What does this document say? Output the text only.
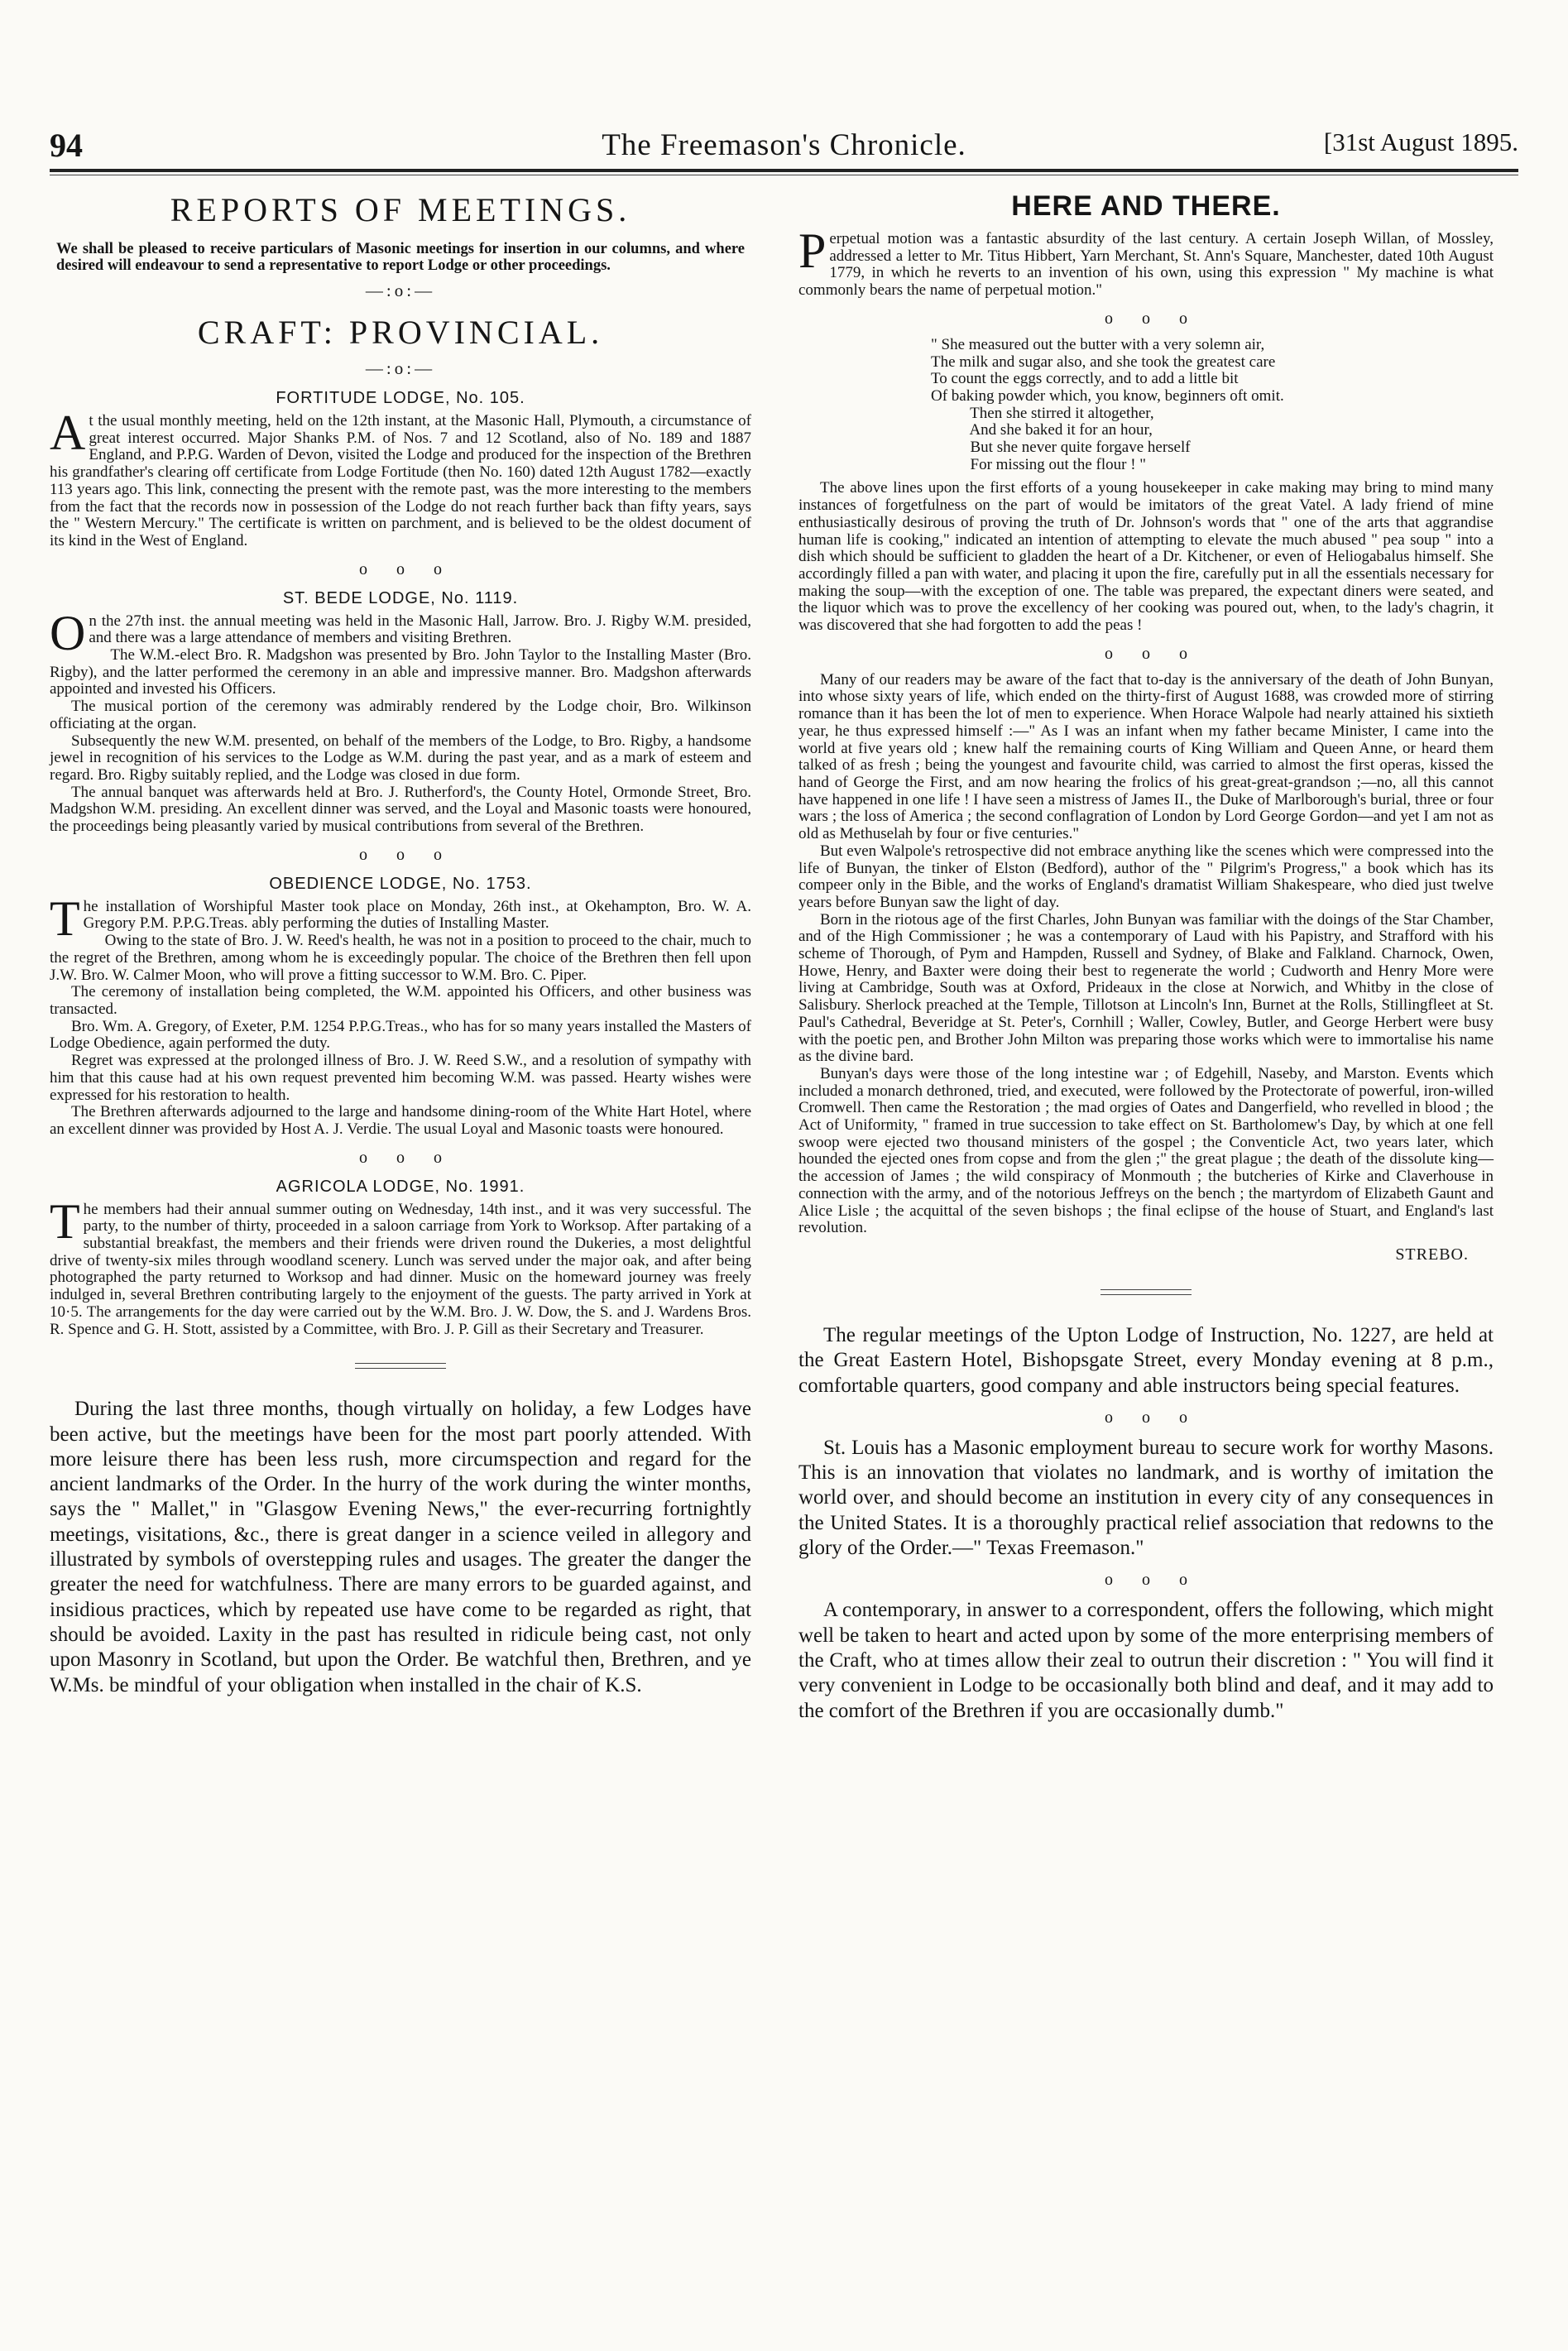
94	The Freemason's Chronicle.	[31st August 1895.
REPORTS OF MEETINGS.

We shall be pleased to receive particulars of Masonic meetings for insertion in our columns, and where desired will endeavour to send a representative to report Lodge or other proceedings.

—:o:—
CRAFT: PROVINCIAL.
—:o:—
FORTITUDE LODGE, No. 105.

At the usual monthly meeting, held on the 12th instant, at the Masonic Hall, Plymouth, a circumstance of great interest occurred. Major Shanks P.M. of Nos. 7 and 12 Scotland, also of No. 189 and 1887 England, and P.P.G. Warden of Devon, visited the Lodge and produced for the inspection of the Brethren his grandfather's clearing off certificate from Lodge Fortitude (then No. 160) dated 12th August 1782—exactly 113 years ago. This link, connecting the present with the remote past, was the more interesting to the members from the fact that the records now in possession of the Lodge do not reach further back than fifty years, says the " Western Mercury." The certificate is written on parchment, and is believed to be the oldest document of its kind in the West of England.

o o o
ST. BEDE LODGE, No. 1119.

On the 27th inst. the annual meeting was held in the Masonic Hall, Jarrow. Bro. J. Rigby W.M. presided, and there was a large attendance of members and visiting Brethren.

The W.M.-elect Bro. R. Madgshon was presented by Bro. John Taylor to the Installing Master (Bro. Rigby), and the latter performed the ceremony in an able and impressive manner. Bro. Madgshon afterwards appointed and invested his Officers.

The musical portion of the ceremony was admirably rendered by the Lodge choir, Bro. Wilkinson officiating at the organ.

Subsequently the new W.M. presented, on behalf of the members of the Lodge, to Bro. Rigby, a handsome jewel in recognition of his services to the Lodge as W.M. during the past year, and as a mark of esteem and regard. Bro. Rigby suitably replied, and the Lodge was closed in due form.

The annual banquet was afterwards held at Bro. J. Rutherford's, the County Hotel, Ormonde Street, Bro. Madgshon W.M. presiding. An excellent dinner was served, and the Loyal and Masonic toasts were honoured, the proceedings being pleasantly varied by musical contributions from several of the Brethren.

o o o
OBEDIENCE LODGE, No. 1753.

The installation of Worshipful Master took place on Monday, 26th inst., at Okehampton, Bro. W. A. Gregory P.M. P.P.G.Treas. ably performing the duties of Installing Master.

Owing to the state of Bro. J. W. Reed's health, he was not in a position to proceed to the chair, much to the regret of the Brethren, among whom he is exceedingly popular. The choice of the Brethren then fell upon J.W. Bro. W. Calmer Moon, who will prove a fitting successor to W.M. Bro. C. Piper.

The ceremony of installation being completed, the W.M. appointed his Officers, and other business was transacted.

Bro. Wm. A. Gregory, of Exeter, P.M. 1254 P.P.G.Treas., who has for so many years installed the Masters of Lodge Obedience, again performed the duty.

Regret was expressed at the prolonged illness of Bro. J. W. Reed S.W., and a resolution of sympathy with him that this cause had at his own request prevented him becoming W.M. was passed. Hearty wishes were expressed for his restoration to health.

The Brethren afterwards adjourned to the large and handsome dining-room of the White Hart Hotel, where an excellent dinner was provided by Host A. J. Verdie. The usual Loyal and Masonic toasts were honoured.

o o o
AGRICOLA LODGE, No. 1991.

The members had their annual summer outing on Wednesday, 14th inst., and it was very successful. The party, to the number of thirty, proceeded in a saloon carriage from York to Worksop. After partaking of a substantial breakfast, the members and their friends were driven round the Dukeries, a most delightful drive of twenty-six miles through woodland scenery. Lunch was served under the major oak, and after being photographed the party returned to Worksop and had dinner. Music on the homeward journey was freely indulged in, several Brethren contributing largely to the enjoyment of the guests. The party arrived in York at 10·5. The arrangements for the day were carried out by the W.M. Bro. J. W. Dow, the S. and J. Wardens Bros. R. Spence and G. H. Stott, assisted by a Committee, with Bro. J. P. Gill as their Secretary and Treasurer.

During the last three months, though virtually on holiday, a few Lodges have been active, but the meetings have been for the most part poorly attended. With more leisure there has been less rush, more circumspection and regard for the ancient landmarks of the Order. In the hurry of the work during the winter months, says the " Mallet," in "Glasgow Evening News," the ever-recurring fortnightly meetings, visitations, &c., there is great danger in a science veiled in allegory and illustrated by symbols of overstepping rules and usages. The greater the danger the greater the need for watchfulness. There are many errors to be guarded against, and insidious practices, which by repeated use have come to be regarded as right, that should be avoided. Laxity in the past has resulted in ridicule being cast, not only upon Masonry in Scotland, but upon the Order. Be watchful then, Brethren, and ye W.Ms. be mindful of your obligation when installed in the chair of K.S.

HERE AND THERE.

Perpetual motion was a fantastic absurdity of the last century. A certain Joseph Willan, of Mossley, addressed a letter to Mr. Titus Hibbert, Yarn Merchant, St. Ann's Square, Manchester, dated 10th August 1779, in which he reverts to an invention of his own, using this expression " My machine is what commonly bears the name of perpetual motion."

o o o
" She measured out the butter with a very solemn air,
The milk and sugar also, and she took the greatest care
To count the eggs correctly, and to add a little bit
Of baking powder which, you know, beginners oft omit.
Then she stirred it altogether,
And she baked it for an hour,
But she never quite forgave herself
For missing out the flour ! "

The above lines upon the first efforts of a young housekeeper in cake making may bring to mind many instances of forgetfulness on the part of would be imitators of the great Vatel. A lady friend of mine enthusiastically desirous of proving the truth of Dr. Johnson's words that " one of the arts that aggrandise human life is cooking," indicated an intention of attempting to elevate the much abused " pea soup " into a dish which should be sufficient to gladden the heart of a Dr. Kitchener, or even of Heliogabalus himself. She accordingly filled a pan with water, and placing it upon the fire, carefully put in all the essentials necessary for making the soup—with the exception of one. The table was prepared, the expectant diners were seated, and the liquor which was to prove the excellency of her cooking was poured out, when, to the lady's chagrin, it was discovered that she had forgotten to add the peas !

o o o

Many of our readers may be aware of the fact that to-day is the anniversary of the death of John Bunyan, into whose sixty years of life, which ended on the thirty-first of August 1688, was crowded more of stirring romance than it has been the lot of men to experience. When Horace Walpole had nearly attained his sixtieth year, he thus expressed himself :—" As I was an infant when my father became Minister, I came into the world at five years old ; knew half the remaining courts of King William and Queen Anne, or heard them talked of as fresh ; being the youngest and favourite child, was carried to almost the first operas, kissed the hand of George the First, and am now hearing the frolics of his great-great-grandson ;—no, all this cannot have happened in one life ! I have seen a mistress of James II., the Duke of Marlborough's burial, three or four wars ; the loss of America ; the second conflagration of London by Lord George Gordon—and yet I am not as old as Methuselah by four or five centuries."

But even Walpole's retrospective did not embrace anything like the scenes which were compressed into the life of Bunyan, the tinker of Elston (Bedford), author of the " Pilgrim's Progress," a book which has its compeer only in the Bible, and the works of England's dramatist William Shakespeare, who died just twelve years before Bunyan saw the light of day.

Born in the riotous age of the first Charles, John Bunyan was familiar with the doings of the Star Chamber, and of the High Commissioner ; he was a contemporary of Laud with his Papistry, and Strafford with his scheme of Thorough, of Pym and Hampden, Russell and Sydney, of Blake and Falkland. Charnock, Owen, Howe, Henry, and Baxter were doing their best to regenerate the world ; Cudworth and Henry More were living at Cambridge, South was at Oxford, Prideaux in the close at Norwich, and Whitby in the close of Salisbury. Sherlock preached at the Temple, Tillotson at Lincoln's Inn, Burnet at the Rolls, Stillingfleet at St. Paul's Cathedral, Beveridge at St. Peter's, Cornhill ; Waller, Cowley, Butler, and George Herbert were busy with the poetic pen, and Brother John Milton was preparing those works which were to immortalise his name as the divine bard.

Bunyan's days were those of the long intestine war ; of Edgehill, Naseby, and Marston. Events which included a monarch dethroned, tried, and executed, were followed by the Protectorate of powerful, iron-willed Cromwell. Then came the Restoration ; the mad orgies of Oates and Dangerfield, who revelled in blood ; the Act of Uniformity, " framed in true succession to take effect on St. Bartholomew's Day, by which at one fell swoop were ejected two thousand ministers of the gospel ; the Conventicle Act, two years later, which hounded the ejected ones from copse and from the glen ;" the great plague ; the death of the dissolute king—the accession of James ; the wild conspiracy of Monmouth ; the butcheries of Kirke and Claverhouse in connection with the army, and of the notorious Jeffreys on the bench ; the martyrdom of Elizabeth Gaunt and Alice Lisle ; the acquittal of the seven bishops ; the final eclipse of the house of Stuart, and England's last revolution.

STREBO.

The regular meetings of the Upton Lodge of Instruction, No. 1227, are held at the Great Eastern Hotel, Bishopsgate Street, every Monday evening at 8 p.m., comfortable quarters, good company and able instructors being special features.

o o o

St. Louis has a Masonic employment bureau to secure work for worthy Masons. This is an innovation that violates no landmark, and is worthy of imitation the world over, and should become an institution in every city of any consequences in the United States. It is a thoroughly practical relief association that redowns to the glory of the Order.—" Texas Freemason."

o o o

A contemporary, in answer to a correspondent, offers the following, which might well be taken to heart and acted upon by some of the more enterprising members of the Craft, who at times allow their zeal to outrun their discretion : " You will find it very convenient in Lodge to be occasionally both blind and deaf, and it may add to the comfort of the Brethren if you are occasionally dumb."
